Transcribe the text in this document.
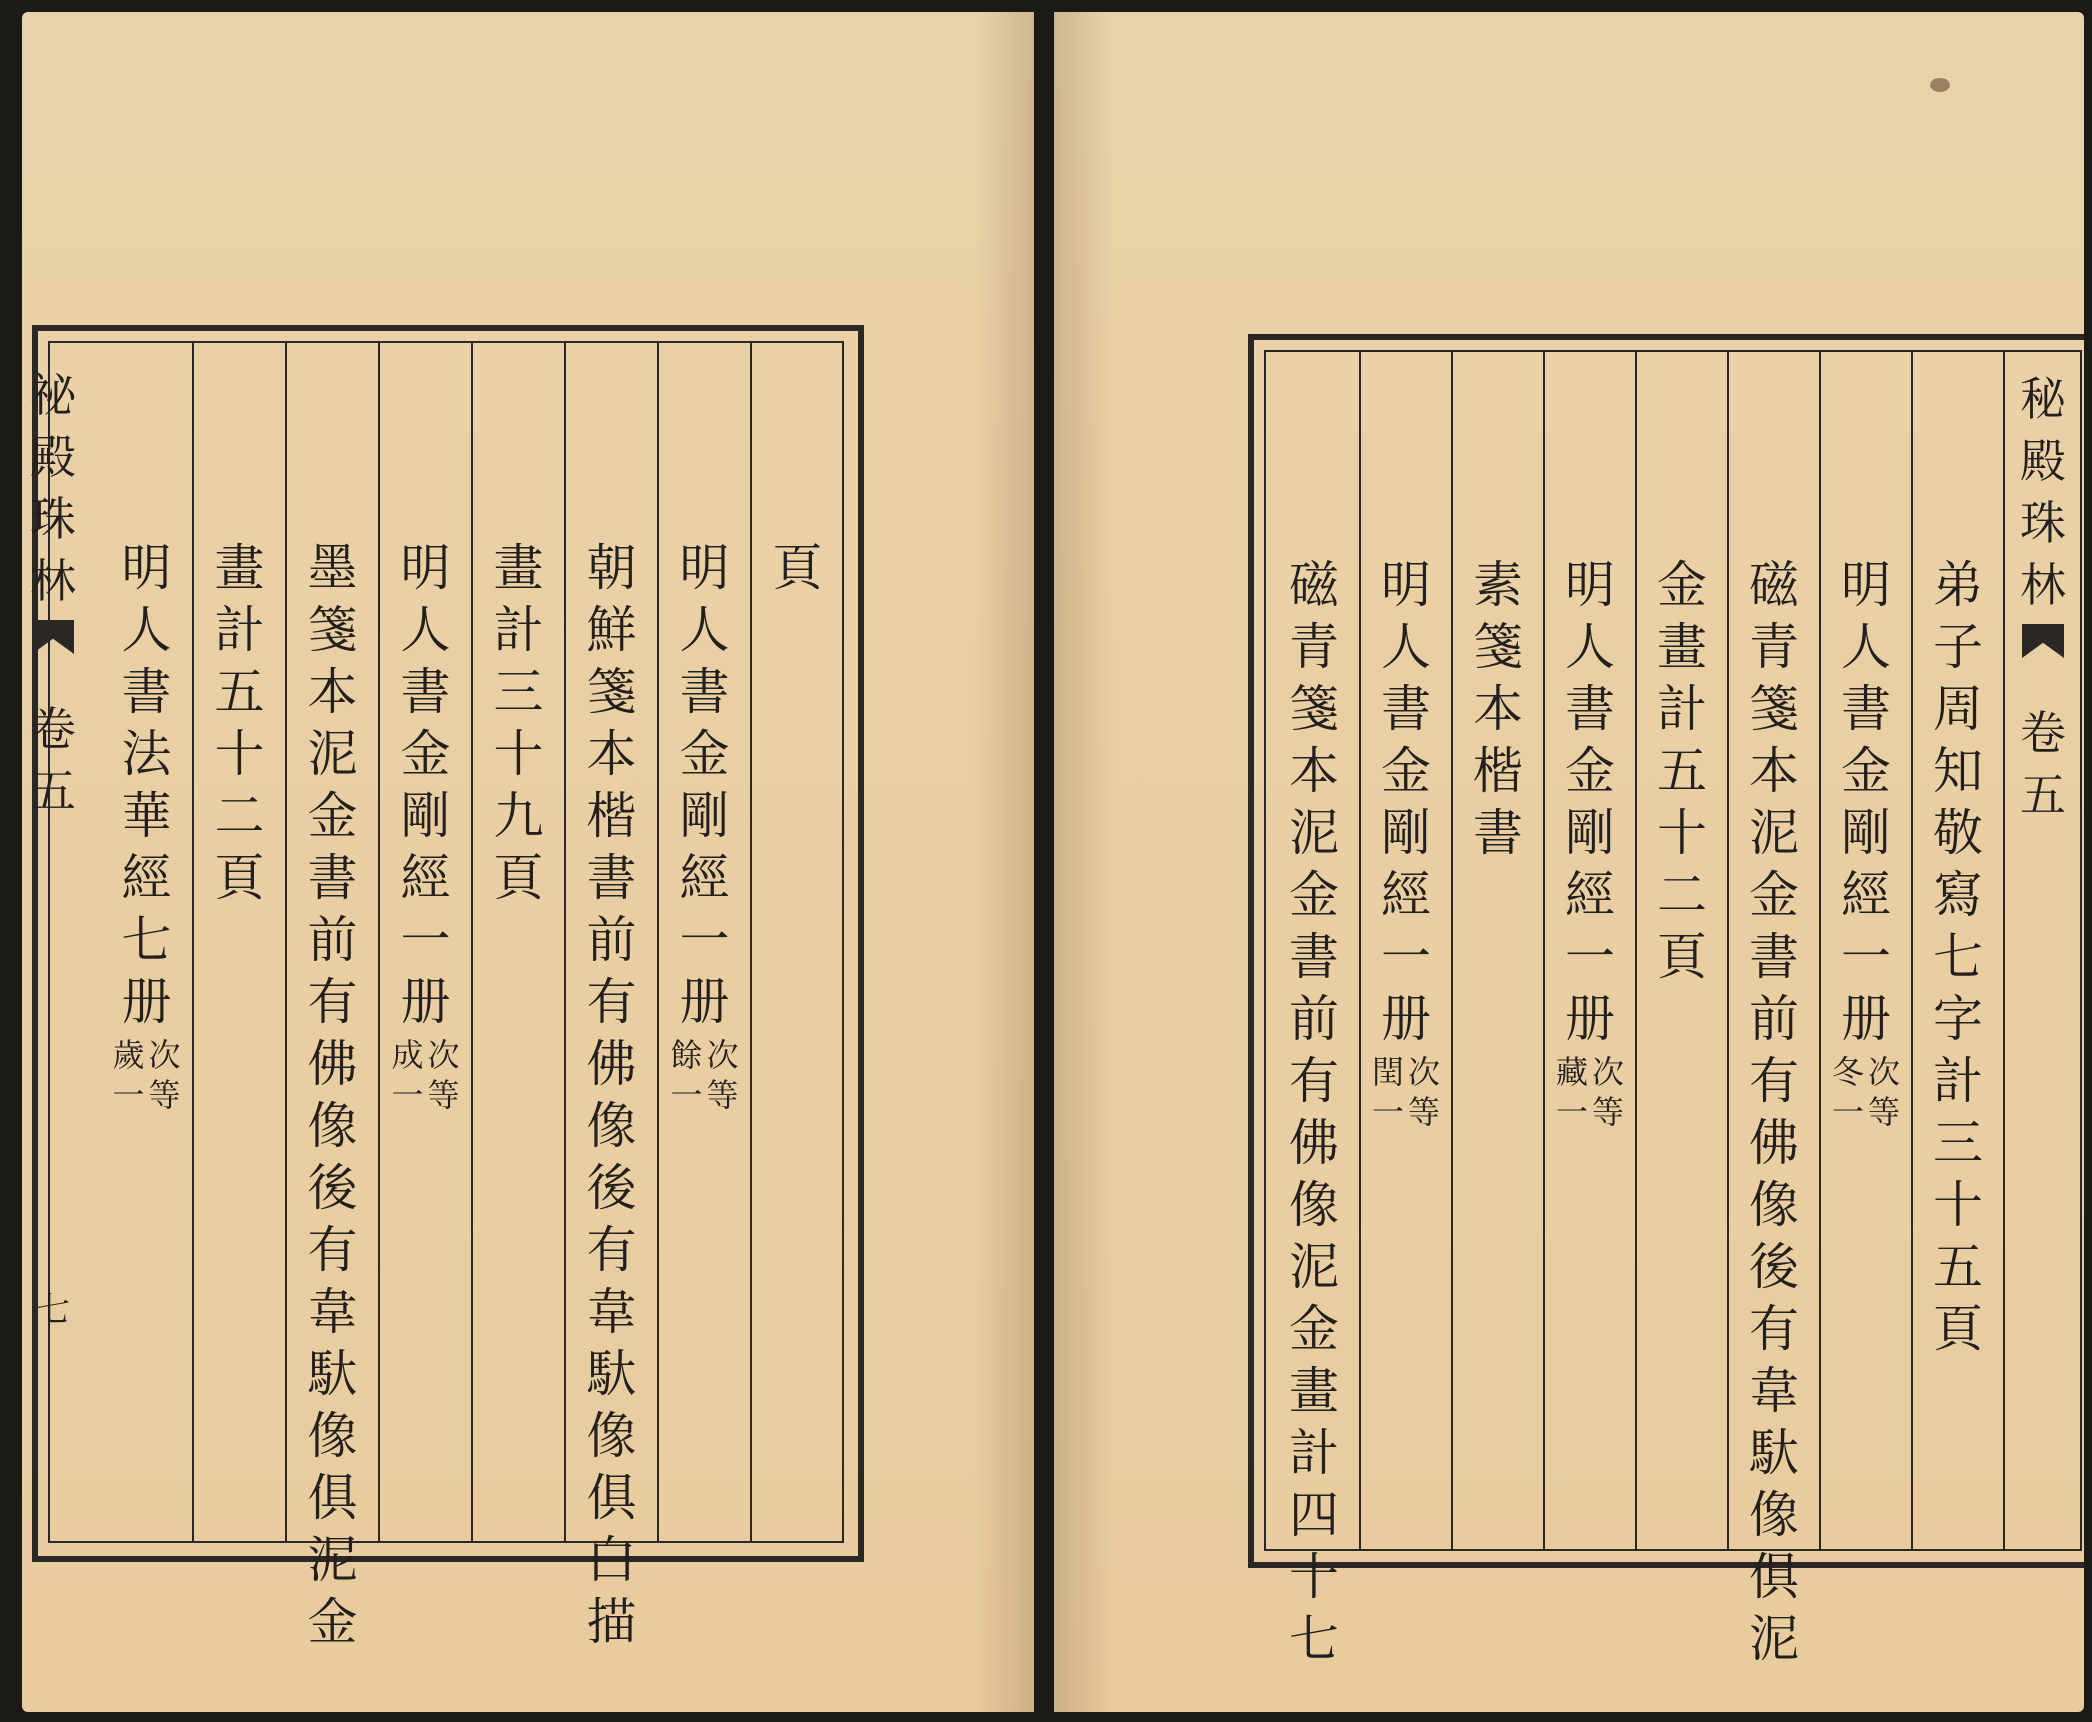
頁
明
人
書
金
剛
經
一
册
次
等
餘
一
朝
鮮
箋
本
楷
書
前
有
佛
像
後
有
韋
馱
像
俱
白
描
畫
計
三
十
九
頁
明
人
書
金
剛
經
一
册
次
等
成
一
墨
箋
本
泥
金
書
前
有
佛
像
後
有
韋
馱
像
俱
泥
金
畫
計
五
十
二
頁
明
人
書
法
華
經
七
册
次
等
歲
一
祕
殿
珠
林
卷
五
七
弟
子
周
知
敬
寫
七
字
計
三
十
五
頁
明
人
書
金
剛
經
一
册
次
等
冬
一
磁
青
箋
本
泥
金
書
前
有
佛
像
後
有
韋
馱
像
俱
泥
金
畫
計
五
十
二
頁
明
人
書
金
剛
經
一
册
次
等
藏
一
素
箋
本
楷
書
明
人
書
金
剛
經
一
册
次
等
閏
一
磁
青
箋
本
泥
金
書
前
有
佛
像
泥
金
畫
計
四
十
七
秘
殿
珠
林
卷
五
